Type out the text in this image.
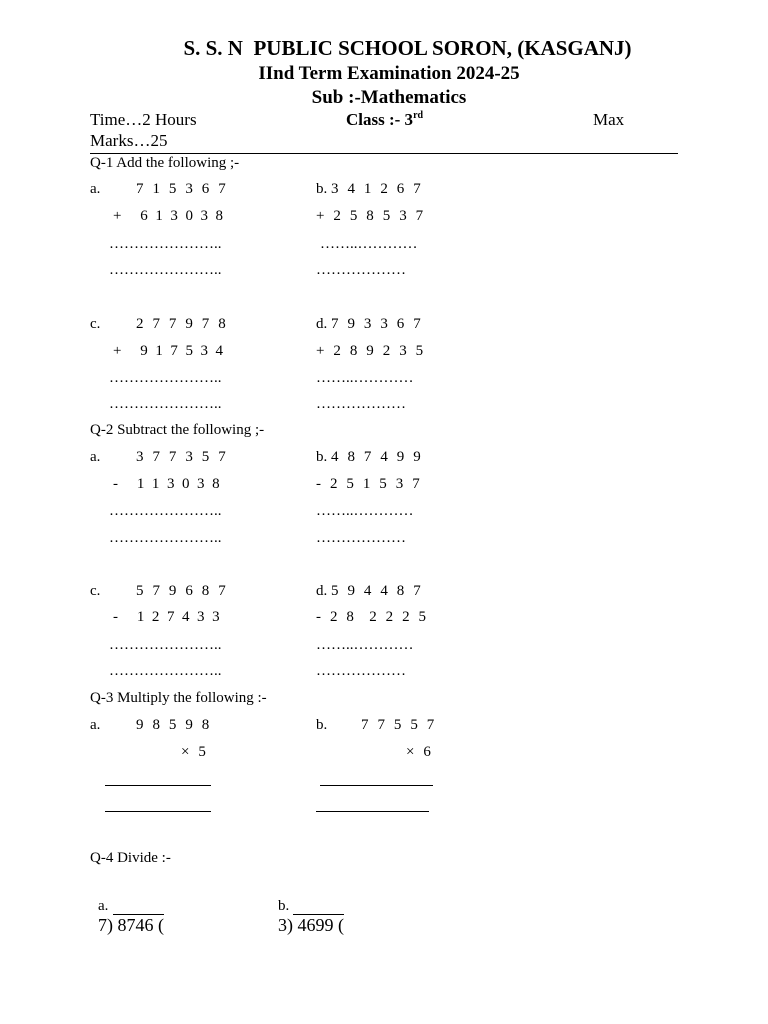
S. S. N  PUBLIC SCHOOL SORON, (KASGANJ)
IInd Term Examination 2024-25
Sub :-Mathematics
Time…2 Hours	Class :- 3rd	Max
Marks…25
Q-1 Add the following ;-
a. 7 1 5 3 6 7
+   6 1 3 0 3 8
…………………..
…………………..
b. 3 4 1 2 6 7
+ 2 5 8 5 3 7
……..…………
………………
c. 2 7 7 9 7 8
+   9 1 7 5 3 4
…………………..
…………………..
d. 7 9 3 3 6 7
+ 2 8 9 2 3 5
……..…………
………………
Q-2 Subtract the following ;-
a. 3 7 7 3 5 7
-   1 1 3 0 3 8
…………………..
…………………..
b. 4 8 7 4 9 9
- 2 5 1 5 3 7
……..…………
………………
c. 5 7 9 6 8 7
-   1 2 7 4 3 3
…………………..
…………………..
d. 5 9 4 4 8 7
- 2 8  2 2 2 5
……..…………
………………
Q-3 Multiply the following :-
a. 9 8 5 9 8
× 5
b. 7 7 5 5 7
× 6
Q-4 Divide :-

a.
7) 8746 (

b.
3) 4699 (
